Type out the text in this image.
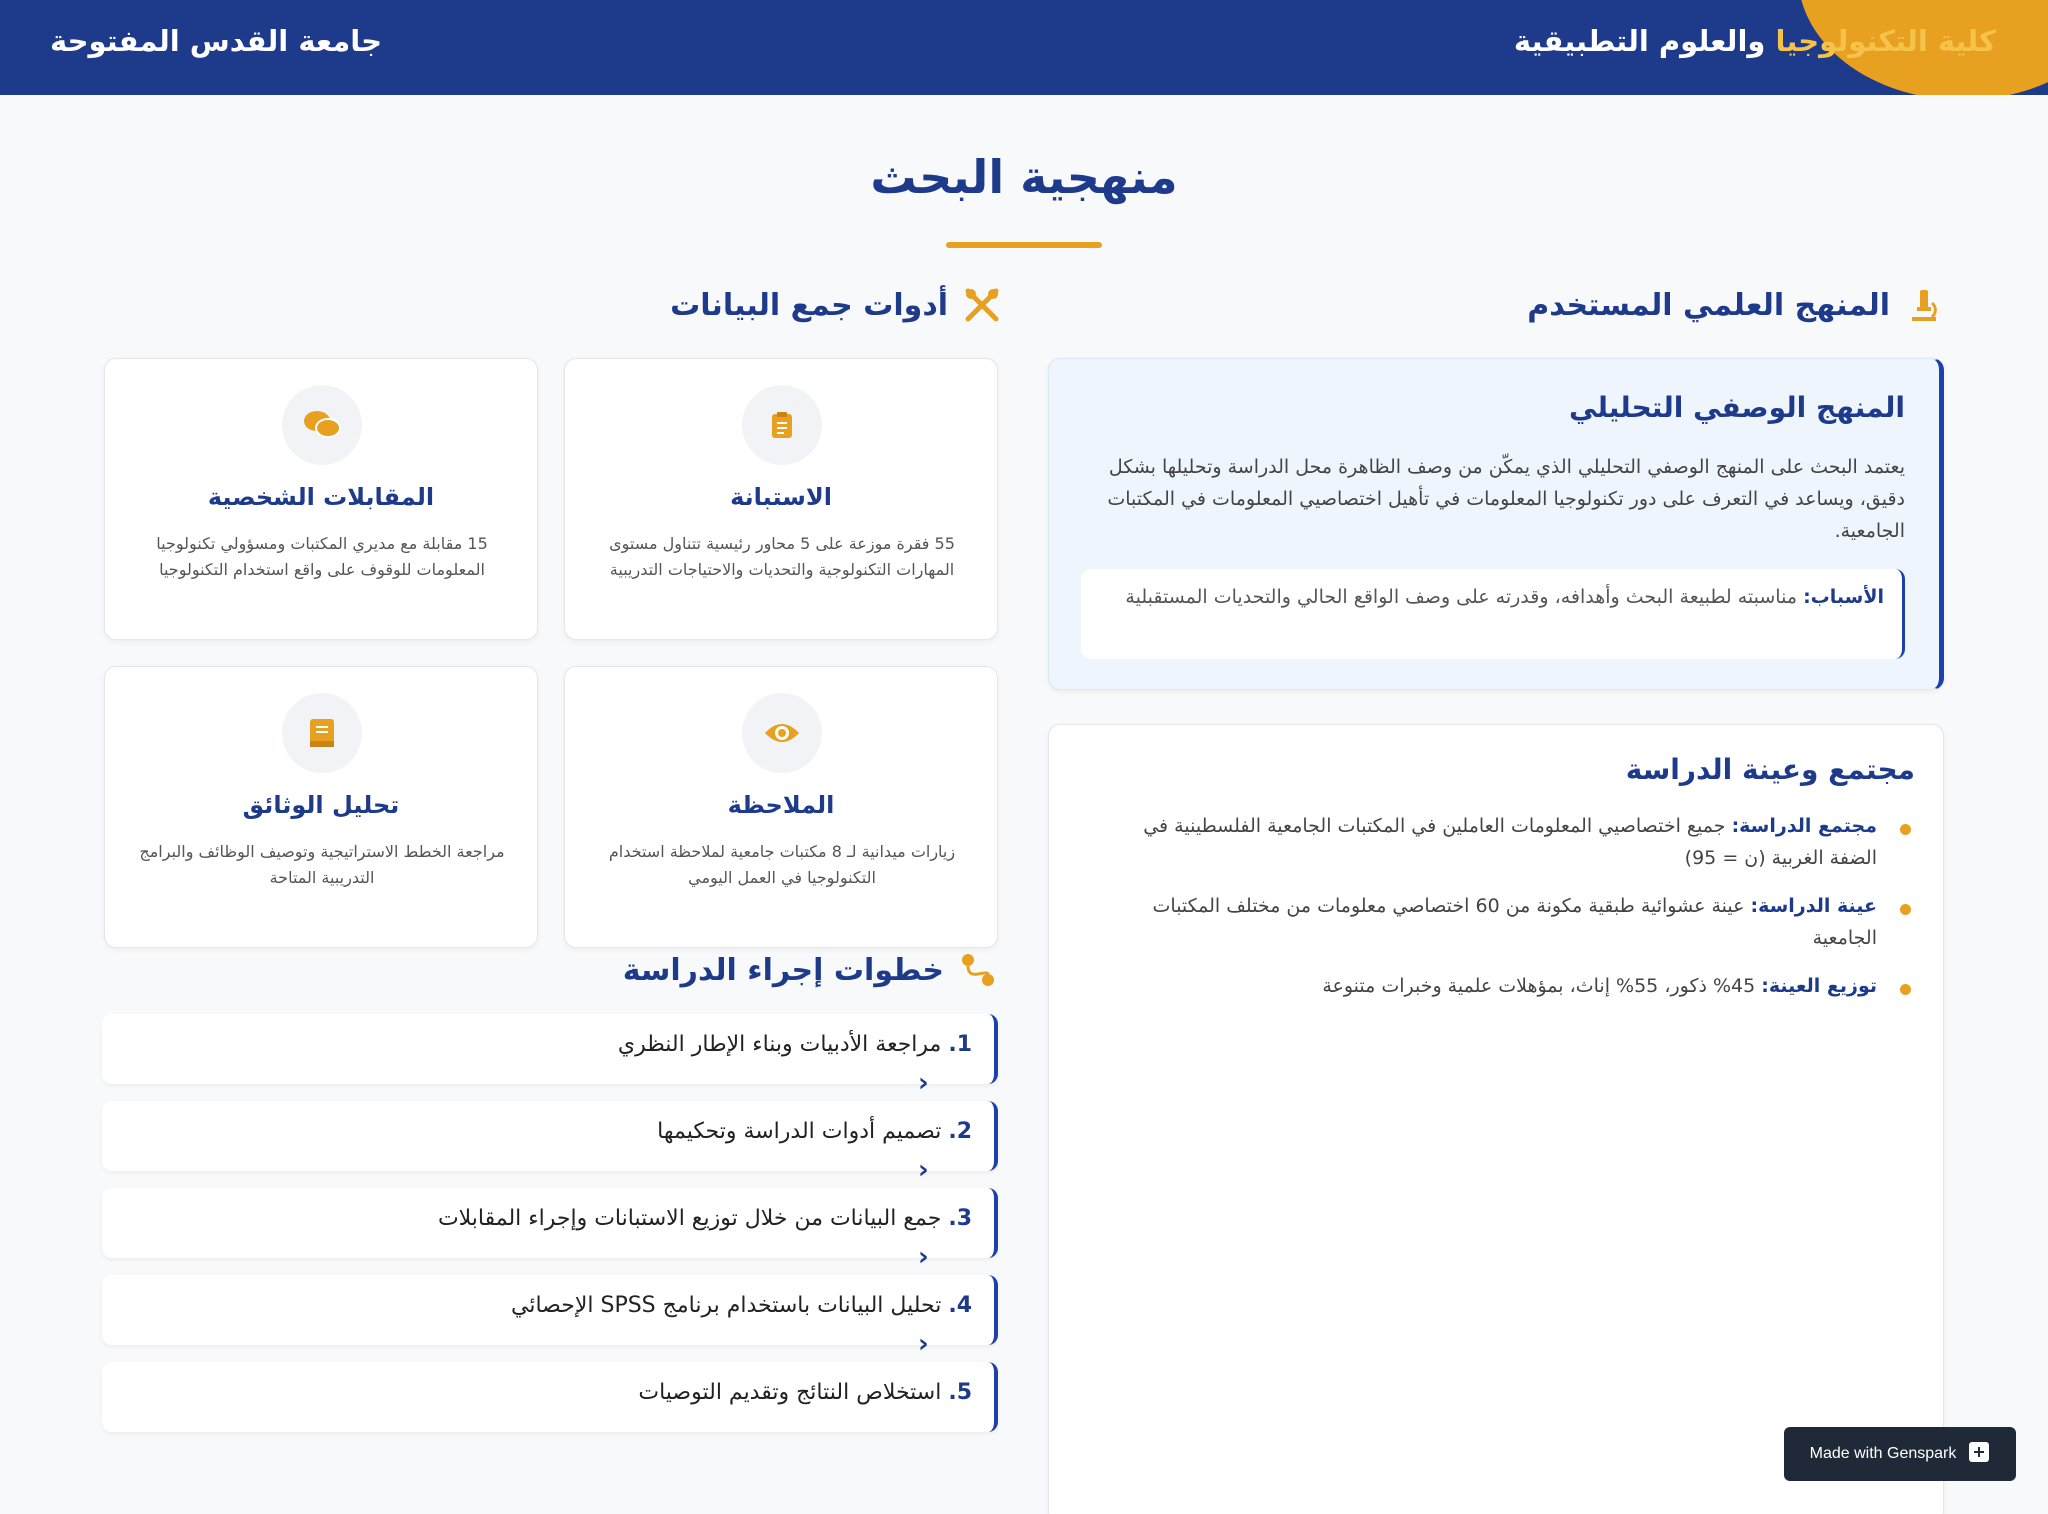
كلية التكنولوجيا والعلوم التطبيقية
جامعة القدس المفتوحة
منهجية البحث
المنهج العلمي المستخدم
أدوات جمع البيانات
المنهج الوصفي التحليلي

يعتمد البحث على المنهج الوصفي التحليلي الذي يمكّن من وصف الظاهرة محل الدراسة وتحليلها بشكل دقيق، ويساعد في التعرف على دور تكنولوجيا المعلومات في تأهيل اختصاصيي المعلومات في المكتبات الجامعية.

الأسباب: مناسبته لطبيعة البحث وأهدافه، وقدرته على وصف الواقع الحالي والتحديات المستقبلية
مجتمع وعينة الدراسة
مجتمع الدراسة: جميع اختصاصيي المعلومات العاملين في المكتبات الجامعية الفلسطينية في الضفة الغربية (ن = 95)
عينة الدراسة: عينة عشوائية طبقية مكونة من 60 اختصاصي معلومات من مختلف المكتبات الجامعية
توزيع العينة: 45% ذكور، 55% إناث، بمؤهلات علمية وخبرات متنوعة
الاستبانة

55 فقرة موزعة على 5 محاور رئيسية تتناول مستوى المهارات التكنولوجية والتحديات والاحتياجات التدريبية

المقابلات الشخصية

15 مقابلة مع مديري المكتبات ومسؤولي تكنولوجيا المعلومات للوقوف على واقع استخدام التكنولوجيا

الملاحظة

زيارات ميدانية لـ 8 مكتبات جامعية لملاحظة استخدام التكنولوجيا في العمل اليومي

تحليل الوثائق

مراجعة الخطط الاستراتيجية وتوصيف الوظائف والبرامج التدريبية المتاحة

خطوات إجراء الدراسة
1. مراجعة الأدبيات وبناء الإطار النظري
‹
2. تصميم أدوات الدراسة وتحكيمها
‹
3. جمع البيانات من خلال توزيع الاستبانات وإجراء المقابلات
‹
4. تحليل البيانات باستخدام برنامج SPSS الإحصائي
‹
5. استخلاص النتائج وتقديم التوصيات
Made with Genspark
